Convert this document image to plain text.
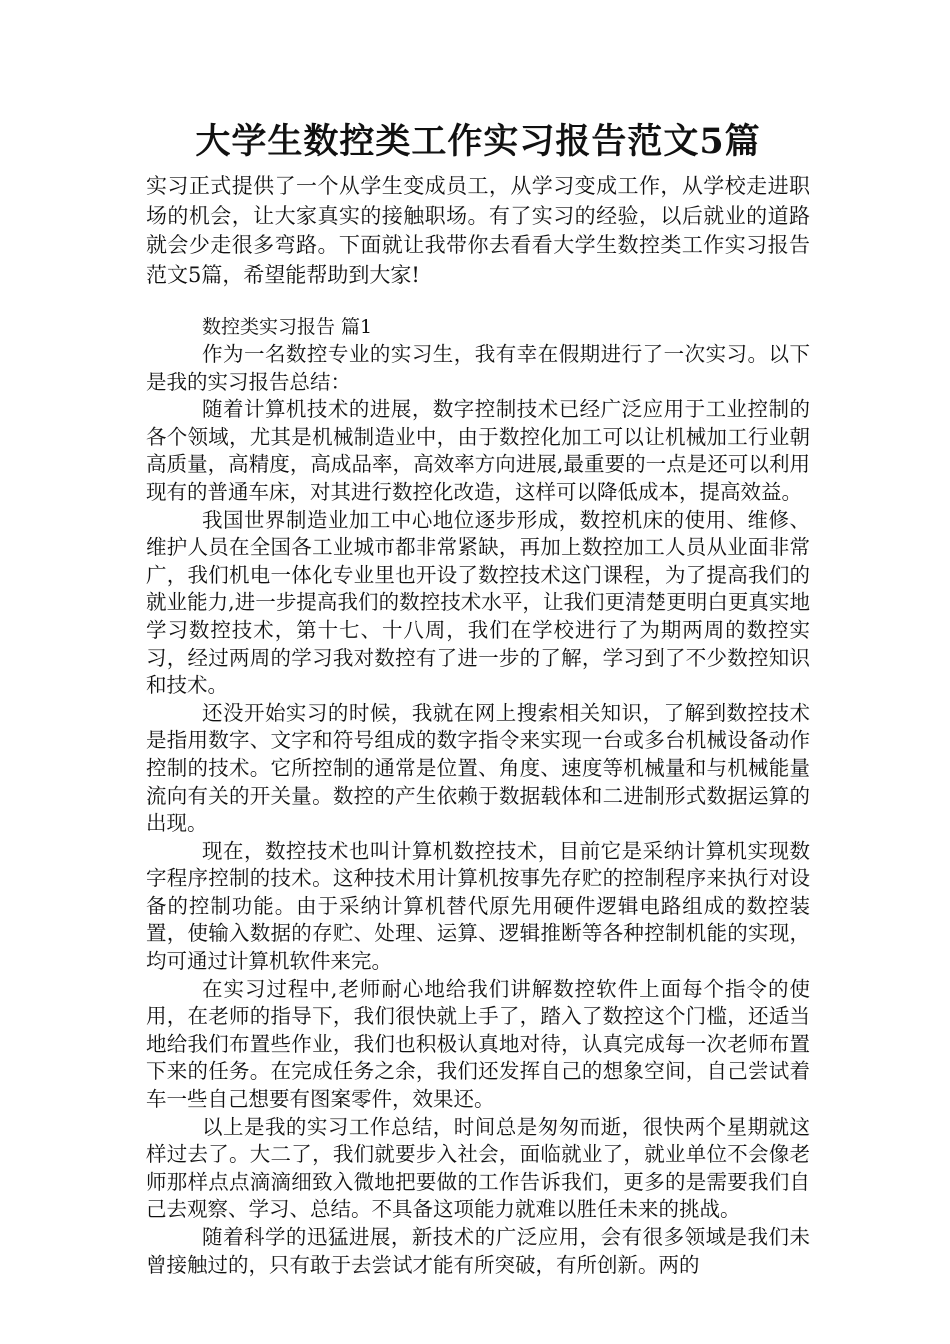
大学生数控类工作实习报告范文5篇

实习正式提供了一个从学生变成员工，从学习变成工作，从学校走进职场的机会，让大家真实的接触职场。有了实习的经验，以后就业的道路就会少走很多弯路。下面就让我带你去看看大学生数控类工作实习报告范文5篇，希望能帮助到大家!

数控类实习报告 篇1

作为一名数控专业的实习生，我有幸在假期进行了一次实习。以下是我的实习报告总结：

随着计算机技术的进展，数字控制技术已经广泛应用于工业控制的各个领域，尤其是机械制造业中，由于数控化加工可以让机械加工行业朝高质量，高精度，高成品率，高效率方向进展,最重要的一点是还可以利用现有的普通车床，对其进行数控化改造，这样可以降低成本，提高效益。

我国世界制造业加工中心地位逐步形成，数控机床的使用、维修、维护人员在全国各工业城市都非常紧缺，再加上数控加工人员从业面非常广，我们机电一体化专业里也开设了数控技术这门课程，为了提高我们的就业能力,进一步提高我们的数控技术水平，让我们更清楚更明白更真实地学习数控技术，第十七、十八周，我们在学校进行了为期两周的数控实习，经过两周的学习我对数控有了进一步的了解，学习到了不少数控知识和技术。

还没开始实习的时候，我就在网上搜索相关知识，了解到数控技术是指用数字、文字和符号组成的数字指令来实现一台或多台机械设备动作控制的技术。它所控制的通常是位置、角度、速度等机械量和与机械能量流向有关的开关量。数控的产生依赖于数据载体和二进制形式数据运算的出现。

现在，数控技术也叫计算机数控技术，目前它是采纳计算机实现数字程序控制的技术。这种技术用计算机按事先存贮的控制程序来执行对设备的控制功能。由于采纳计算机替代原先用硬件逻辑电路组成的数控装置，使输入数据的存贮、处理、运算、逻辑推断等各种控制机能的实现，均可通过计算机软件来完。

在实习过程中,老师耐心地给我们讲解数控软件上面每个指令的使用，在老师的指导下，我们很快就上手了，踏入了数控这个门槛，还适当地给我们布置些作业，我们也积极认真地对待，认真完成每一次老师布置下来的任务。在完成任务之余，我们还发挥自己的想象空间，自己尝试着车一些自己想要有图案零件，效果还。

以上是我的实习工作总结，时间总是匆匆而逝，很快两个星期就这样过去了。大二了，我们就要步入社会，面临就业了，就业单位不会像老师那样点点滴滴细致入微地把要做的工作告诉我们，更多的是需要我们自己去观察、学习、总结。不具备这项能力就难以胜任未来的挑战。

随着科学的迅猛进展，新技术的广泛应用，会有很多领域是我们未曾接触过的，只有敢于去尝试才能有所突破，有所创新。两的
